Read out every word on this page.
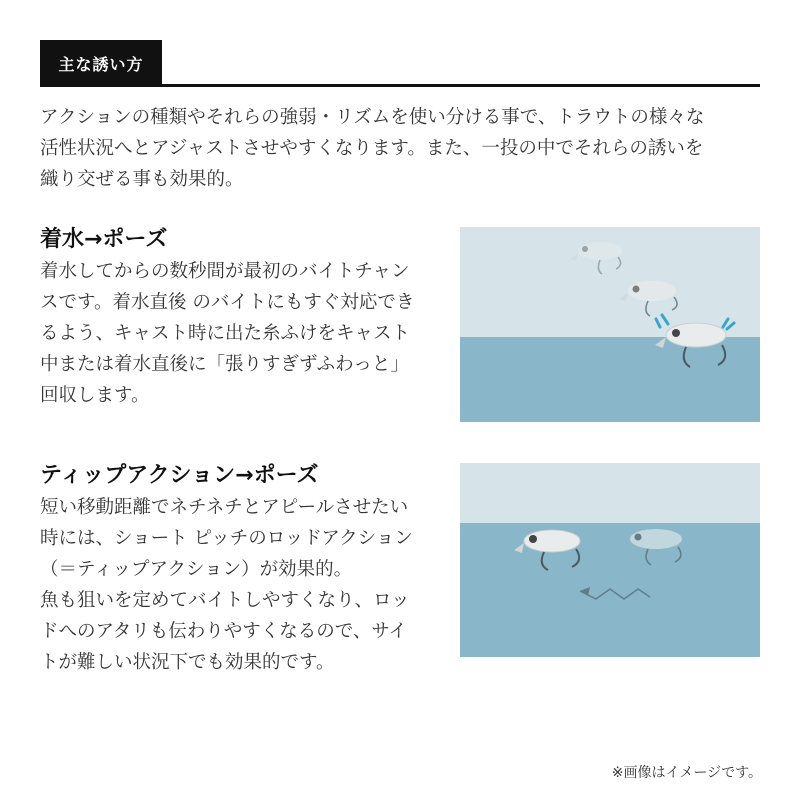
主な誘い方
アクションの種類やそれらの強弱・リズムを使い分ける事で、トラウトの様々な
活性状況へとアジャストさせやすくなります。また、一投の中でそれらの誘いを
織り交ぜる事も効果的。
着水→ポーズ
着水してからの数秒間が最初のバイトチャン
スです。着水直後 のバイトにもすぐ対応でき
るよう、キャスト時に出た糸ふけをキャスト
中または着水直後に「張りすぎずふわっと」
回収します。
ティップアクション→ポーズ
短い移動距離でネチネチとアピールさせたい
時には、ショート ピッチのロッドアクション
（＝ティップアクション）が効果的。
魚も狙いを定めてバイトしやすくなり、ロッ
ドへのアタリも伝わりやすくなるので、サイ
トが難しい状況下でも効果的です。
※画像はイメージです。
